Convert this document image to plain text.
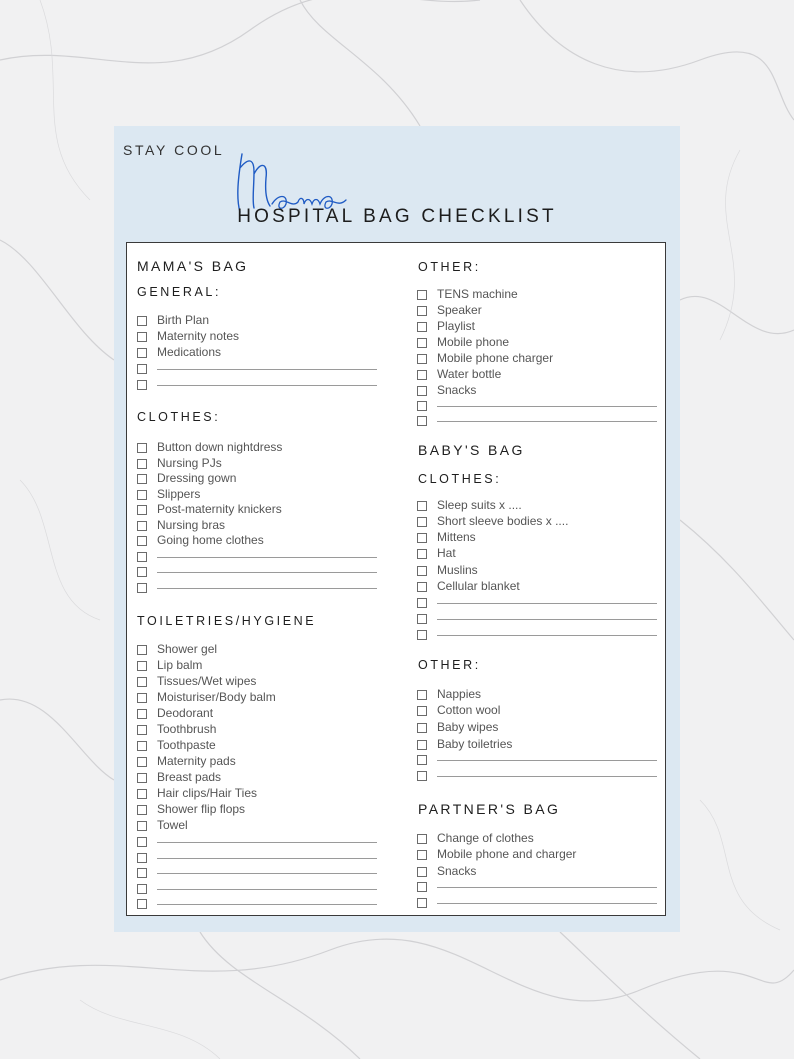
STAY COOL
HOSPITAL BAG CHECKLIST
MAMA'S BAG
GENERAL:
Birth Plan
Maternity notes
Medications
CLOTHES:
Button down nightdress
Nursing PJs
Dressing gown
Slippers
Post-maternity knickers
Nursing bras
Going home clothes
TOILETRIES/HYGIENE
Shower gel
Lip balm
Tissues/Wet wipes
Moisturiser/Body balm
Deodorant
Toothbrush
Toothpaste
Maternity pads
Breast pads
Hair clips/Hair Ties
Shower flip flops
Towel
OTHER:
TENS machine
Speaker
Playlist
Mobile phone
Mobile phone charger
Water bottle
Snacks
BABY'S BAG
CLOTHES:
Sleep suits x ....
Short sleeve bodies x ....
Mittens
Hat
Muslins
Cellular blanket
OTHER:
Nappies
Cotton wool
Baby wipes
Baby toiletries
PARTNER'S BAG
Change of clothes
Mobile phone and charger
Snacks
